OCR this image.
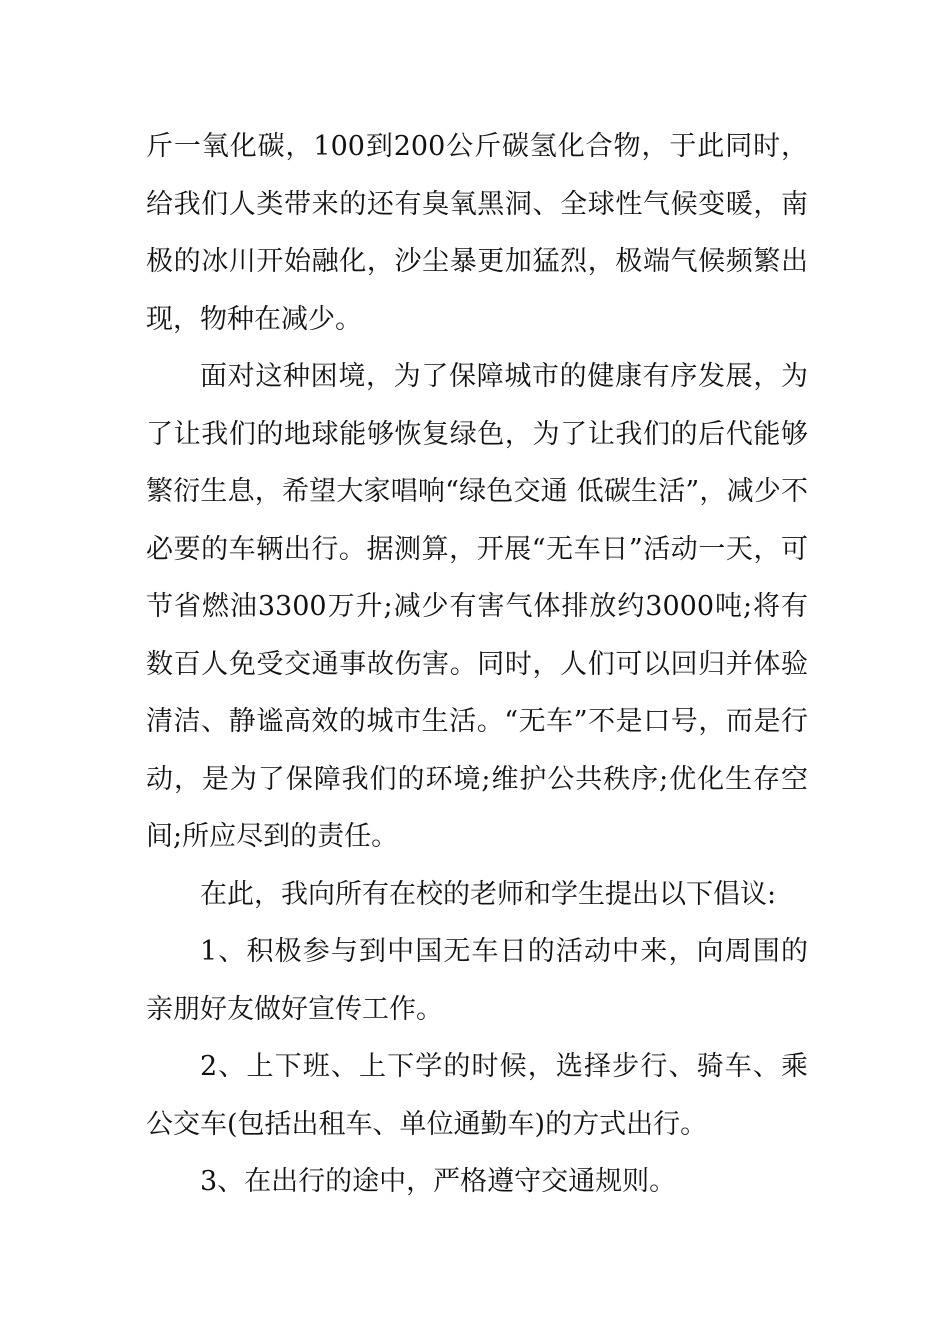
斤一氧化碳，100到200公斤碳氢化合物，于此同时，给我们人类带来的还有臭氧黑洞、全球性气候变暖，南极的冰川开始融化，沙尘暴更加猛烈，极端气候频繁出现，物种在减少。

面对这种困境，为了保障城市的健康有序发展，为了让我们的地球能够恢复绿色，为了让我们的后代能够繁衍生息，希望大家唱响“绿色交通 低碳生活”，减少不必要的车辆出行。据测算，开展“无车日”活动一天，可节省燃油3300万升;减少有害气体排放约3000吨;将有数百人免受交通事故伤害。同时，人们可以回归并体验清洁、静谧高效的城市生活。“无车”不是口号，而是行动，是为了保障我们的环境;维护公共秩序;优化生存空间;所应尽到的责任。

在此，我向所有在校的老师和学生提出以下倡议:

1、积极参与到中国无车日的活动中来，向周围的亲朋好友做好宣传工作。

2、上下班、上下学的时候，选择步行、骑车、乘公交车(包括出租车、单位通勤车)的方式出行。

3、在出行的途中，严格遵守交通规则。
